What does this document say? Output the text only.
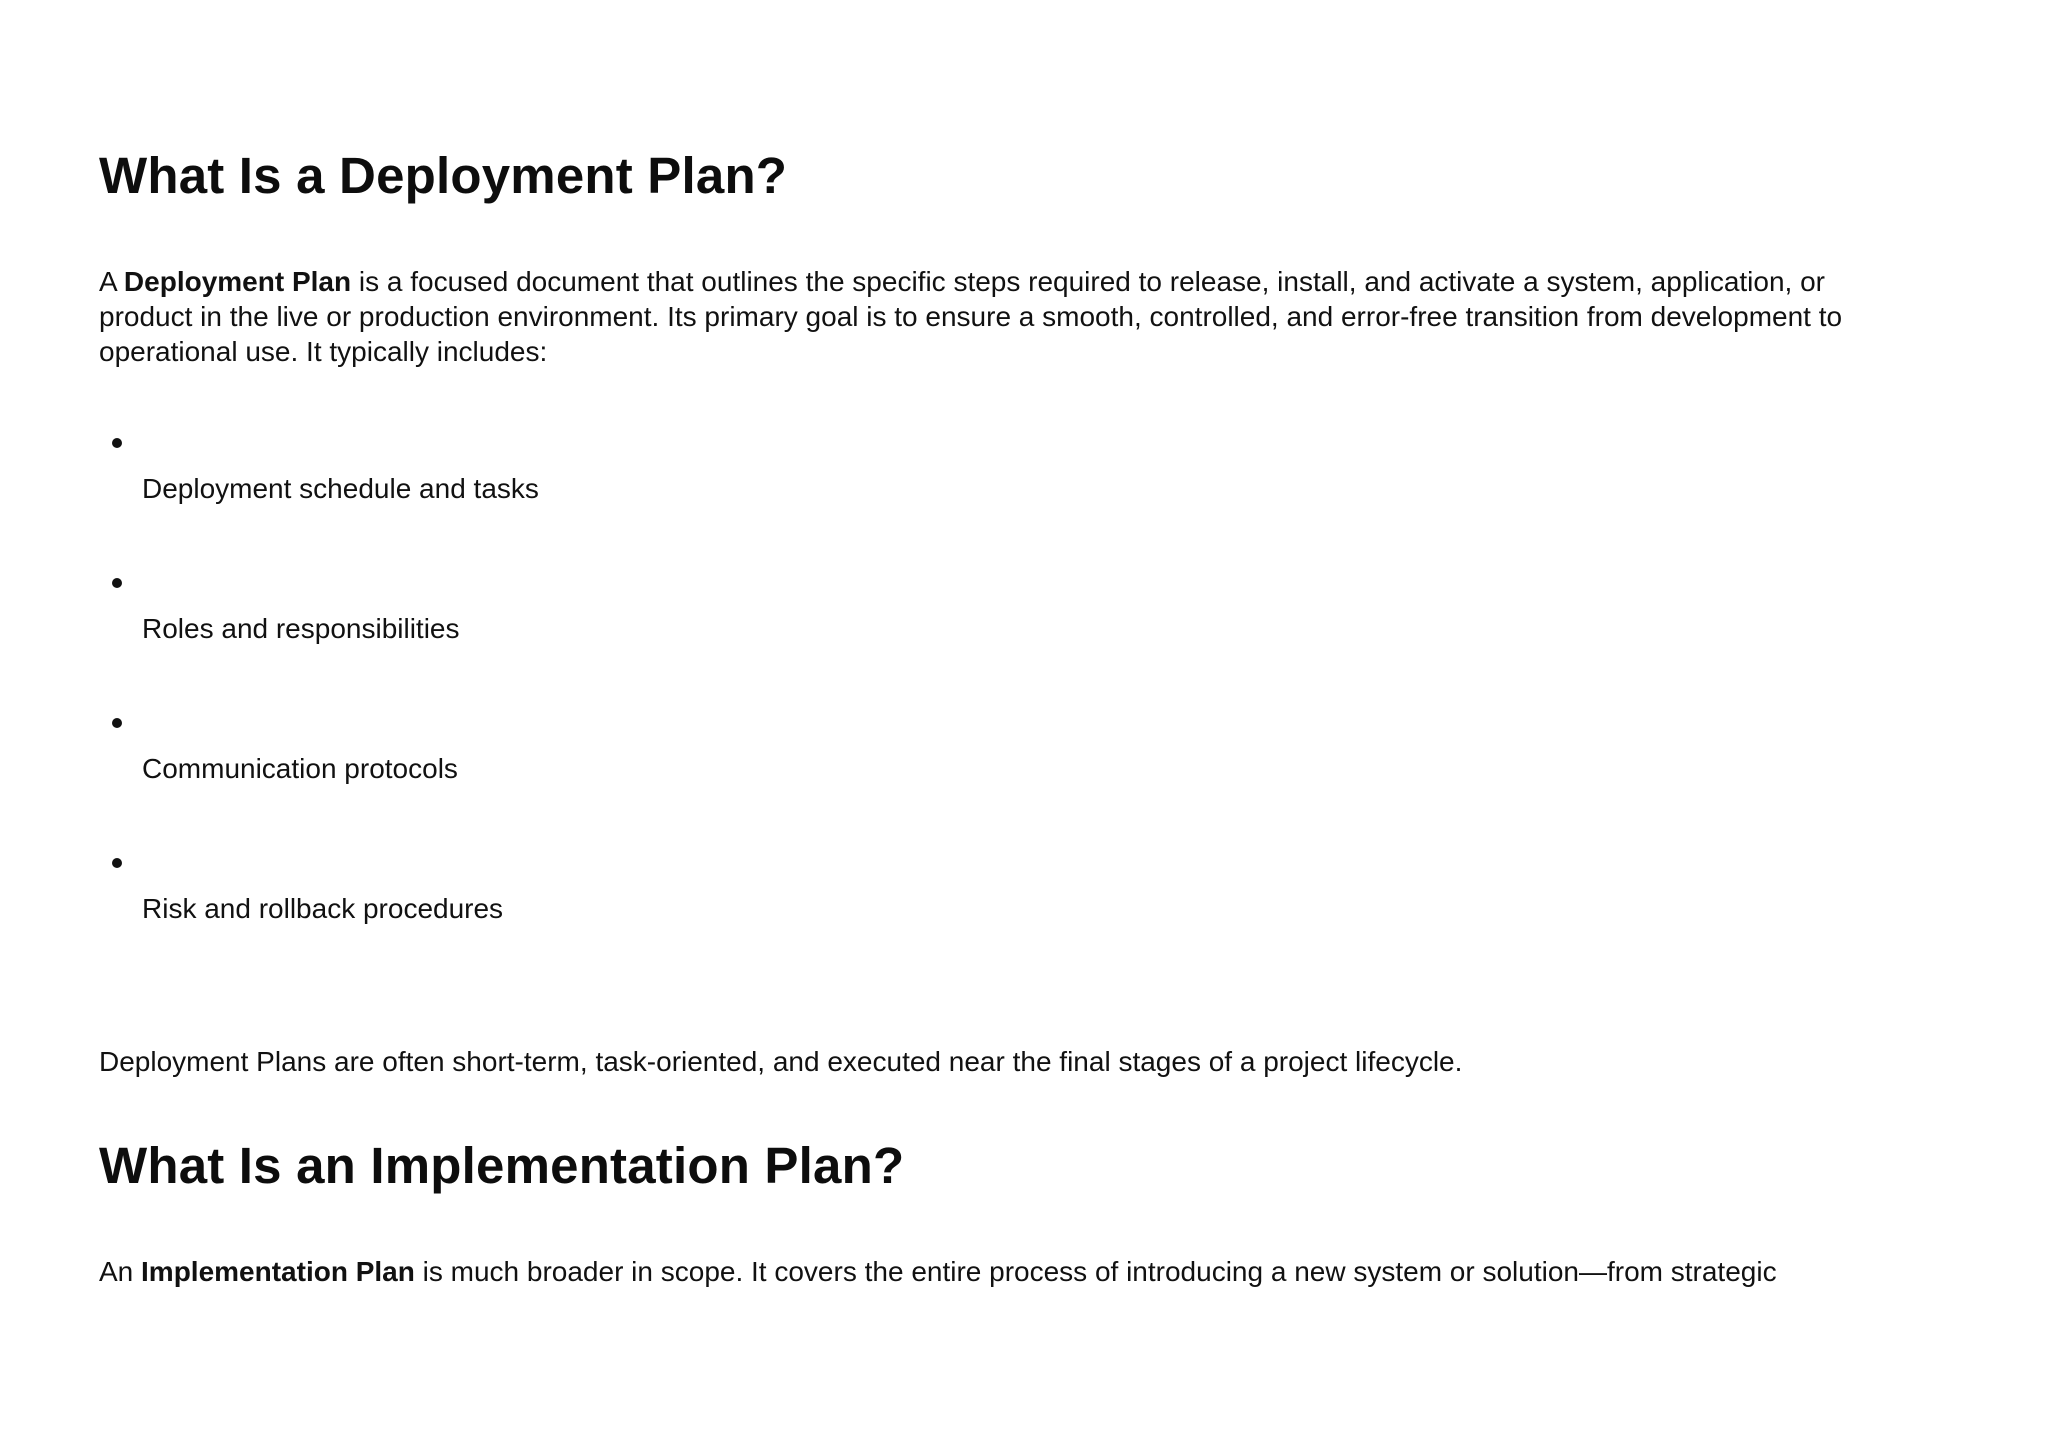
What Is a Deployment Plan?

A Deployment Plan is a focused document that outlines the specific steps required to release, install, and activate a system, application, or
product in the live or production environment. Its primary goal is to ensure a smooth, controlled, and error-free transition from development to
operational use. It typically includes:

Deployment schedule and tasks
Roles and responsibilities
Communication protocols
Risk and rollback procedures

Deployment Plans are often short-term, task-oriented, and executed near the final stages of a project lifecycle.

What Is an Implementation Plan?

An Implementation Plan is much broader in scope. It covers the entire process of introducing a new system or solution—from strategic
